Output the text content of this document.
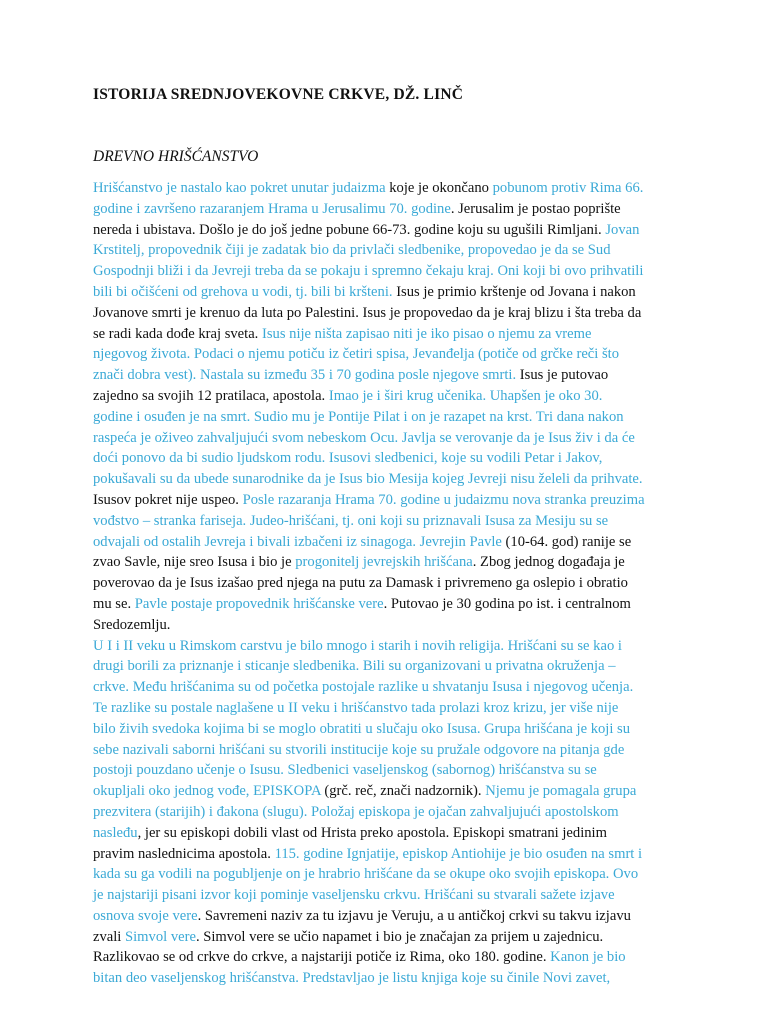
ISTORIJA SREDNJOVEKOVNE CRKVE, DŽ. LINČ
DREVNO HRIŠĆANSTVO
Hrišćanstvo je nastalo kao pokret unutar judaizma koje je okončano pobunom protiv Rima 66.
godine i završeno razaranjem Hrama u Jerusalimu 70. godine. Jerusalim je postao poprište
nereda i ubistava. Došlo je do još jedne pobune 66-73. godine koju su ugušili Rimljani. Jovan
Krstitelj, propovednik čiji je zadatak bio da privlači sledbenike, propovedao je da se Sud
Gospodnji bliži i da Jevreji treba da se pokaju i spremno čekaju kraj. Oni koji bi ovo prihvatili
bili bi očišćeni od grehova u vodi, tj. bili bi kršteni. Isus je primio krštenje od Jovana i nakon
Jovanove smrti je krenuo da luta po Palestini. Isus je propovedao da je kraj blizu i šta treba da
se radi kada dođe kraj sveta. Isus nije ništa zapisao niti je iko pisao o njemu za vreme
njegovog života. Podaci o njemu potiču iz četiri spisa, Jevanđelja (potiče od grčke reči što
znači dobra vest). Nastala su između 35 i 70 godina posle njegove smrti. Isus je putovao
zajedno sa svojih 12 pratilaca, apostola. Imao je i širi krug učenika. Uhapšen je oko 30.
godine i osuđen je na smrt. Sudio mu je Pontije Pilat i on je razapet na krst. Tri dana nakon
raspeća je oživeo zahvaljujući svom nebeskom Ocu. Javlja se verovanje da je Isus živ i da će
doći ponovo da bi sudio ljudskom rodu. Isusovi sledbenici, koje su vodili Petar i Jakov,
pokušavali su da ubede sunarodnike da je Isus bio Mesija kojeg Jevreji nisu želeli da prihvate.
Isusov pokret nije uspeo. Posle razaranja Hrama 70. godine u judaizmu nova stranka preuzima
vođstvo – stranka fariseja. Judeo-hrišćani, tj. oni koji su priznavali Isusa za Mesiju su se
odvajali od ostalih Jevreja i bivali izbačeni iz sinagoga. Jevrejin Pavle (10-64. god) ranije se
zvao Savle, nije sreo Isusa i bio je progonitelj jevrejskih hrišćana. Zbog jednog događaja je
poverovao da je Isus izašao pred njega na putu za Damask i privremeno ga oslepio i obratio
mu se. Pavle postaje propovednik hrišćanske vere. Putovao je 30 godina po ist. i centralnom
Sredozemlju.
U I i II veku u Rimskom carstvu je bilo mnogo i starih i novih religija. Hrišćani su se kao i
drugi borili za priznanje i sticanje sledbenika. Bili su organizovani u privatna okruženja –
crkve. Među hrišćanima su od početka postojale razlike u shvatanju Isusa i njegovog učenja.
Te razlike su postale naglašene u II veku i hrišćanstvo tada prolazi kroz krizu, jer više nije
bilo živih svedoka kojima bi se moglo obratiti u slučaju oko Isusa. Grupa hrišćana je koji su
sebe nazivali saborni hrišćani su stvorili institucije koje su pružale odgovore na pitanja gde
postoji pouzdano učenje o Isusu. Sledbenici vaseljenskog (sabornog) hrišćanstva su se
okupljali oko jednog vođe, EPISKOPA (grč. reč, znači nadzornik). Njemu je pomagala grupa
prezvitera (starijih) i đakona (slugu). Položaj episkopa je ojačan zahvaljujući apostolskom
nasleđu, jer su episkopi dobili vlast od Hrista preko apostola. Episkopi smatrani jedinim
pravim naslednicima apostola. 115. godine Ignjatije, episkop Antiohije je bio osuđen na smrt i
kada su ga vodili na pogubljenje on je hrabrio hrišćane da se okupe oko svojih episkopa. Ovo
je najstariji pisani izvor koji pominje vaseljensku crkvu. Hrišćani su stvarali sažete izjave
osnova svoje vere. Savremeni naziv za tu izjavu je Veruju, a u antičkoj crkvi su takvu izjavu
zvali Simvol vere. Simvol vere se učio napamet i bio je značajan za prijem u zajednicu.
Razlikovao se od crkve do crkve, a najstariji potiče iz Rima, oko 180. godine. Kanon je bio
bitan deo vaseljenskog hrišćanstva. Predstavljao je listu knjiga koje su činile Novi zavet,
